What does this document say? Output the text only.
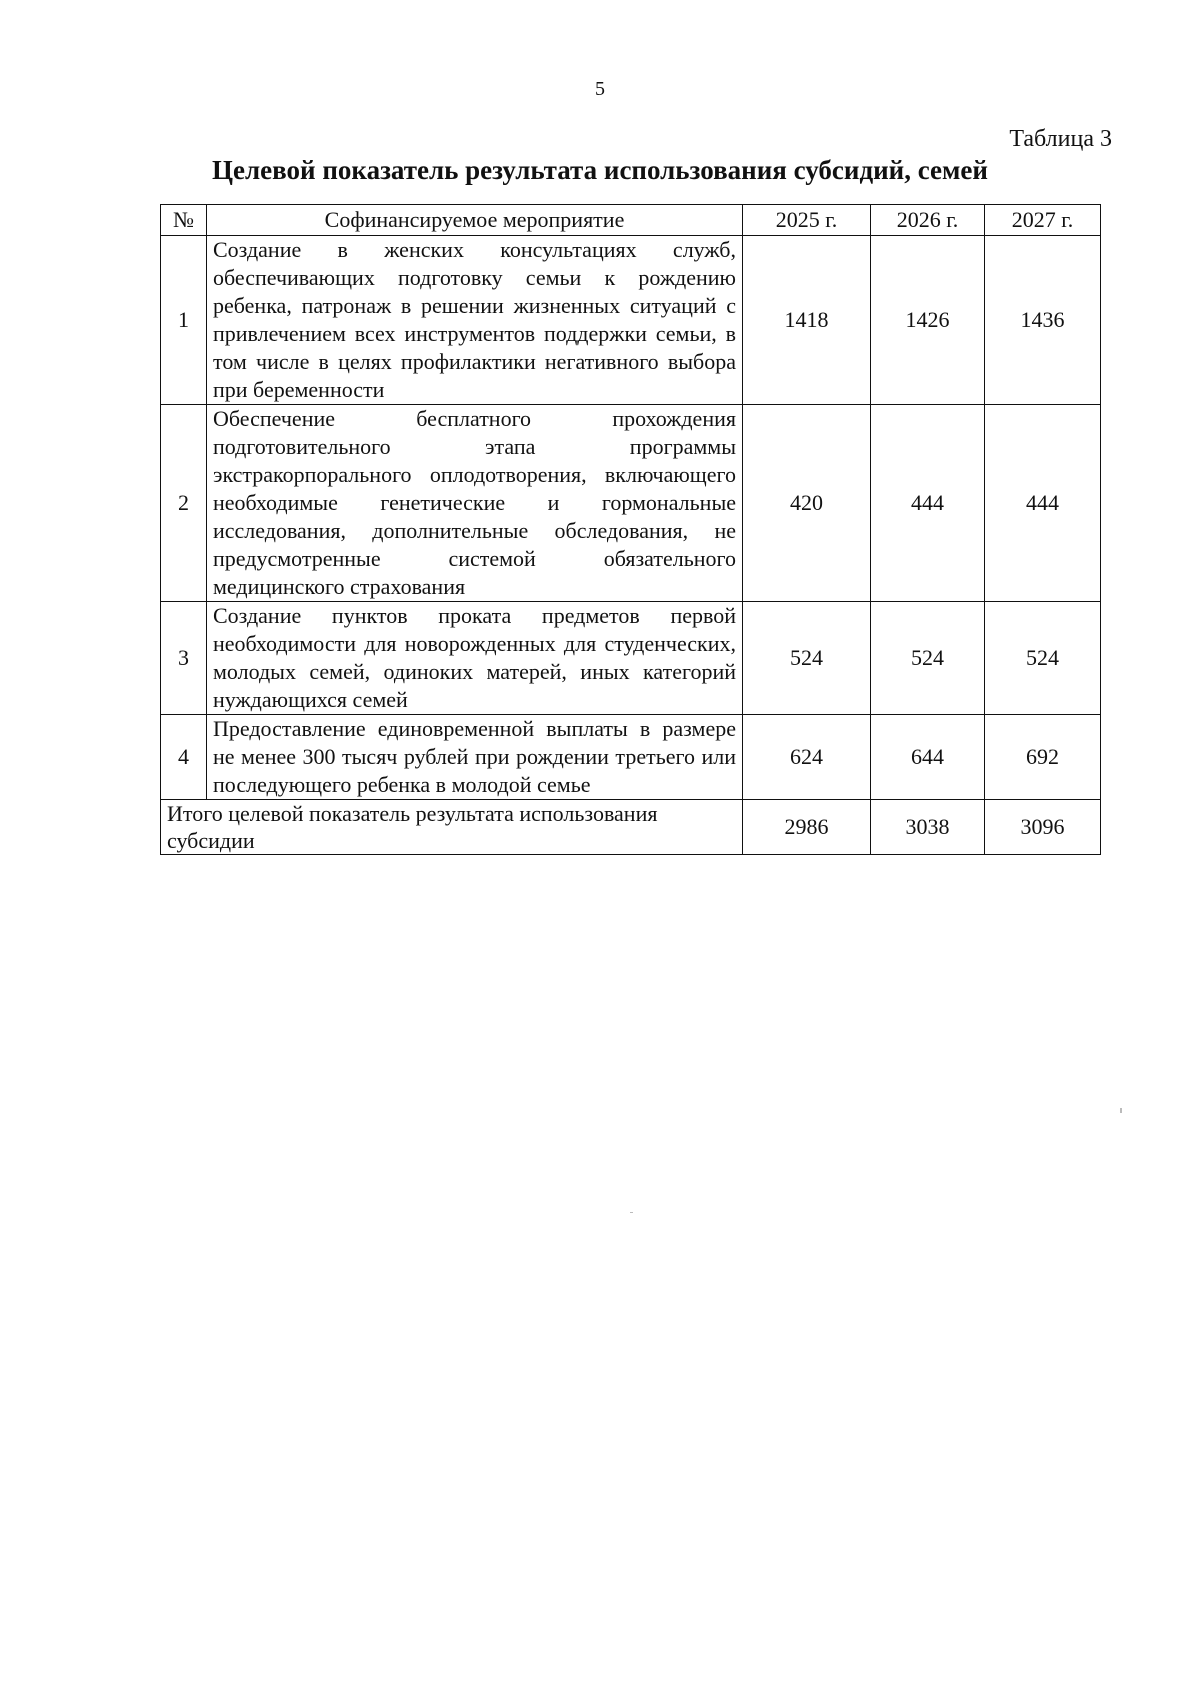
5
Таблица 3
Целевой показатель результата использования субсидий, семей
№	Софинансируемое мероприятие	2025 г.	2026 г.	2027 г.
1	Создание в женских консультациях служб, обеспечивающих подготовку семьи к рождению ребенка, патронаж в решении жизненных ситуаций с привлечением всех инструментов поддержки семьи, в том числе в целях профилактики негативного выбора при беременности	1418	1426	1436
2	Обеспечение бесплатного прохождения подготовительного этапа программы экстракорпорального оплодотворения, включающего необходимые генетические и гормональные исследования, дополнительные обследования, не предусмотренные системой обязательного медицинского страхования	420	444	444
3	Создание пунктов проката предметов первой необходимости для новорожденных для студенческих, молодых семей, одиноких матерей, иных категорий нуждающихся семей	524	524	524
4	Предоставление единовременной выплаты в размере не менее 300 тысяч рублей при рождении третьего или последующего ребенка в молодой семье	624	644	692
Итого целевой показатель результата использования субсидии		2986	3038	3096
